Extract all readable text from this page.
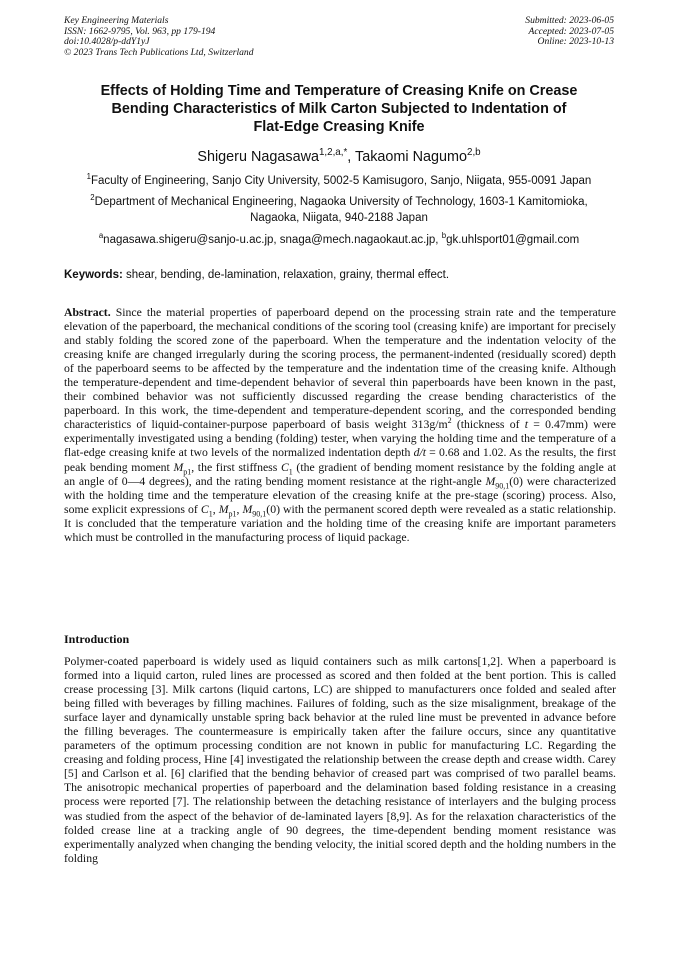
Key Engineering Materials
ISSN: 1662-9795, Vol. 963, pp 179-194
doi:10.4028/p-ddY1yJ
© 2023 Trans Tech Publications Ltd, Switzerland
Submitted: 2023-06-05
Accepted: 2023-07-05
Online: 2023-10-13
Effects of Holding Time and Temperature of Creasing Knife on Crease
Bending Characteristics of Milk Carton Subjected to Indentation of
Flat-Edge Creasing Knife
Shigeru Nagasawa$^{1,2,a,*}$, Takaomi Nagumo$^{2,b}$
$^1$Faculty of Engineering, Sanjo City University, 5002-5 Kamisugoro, Sanjo, Niigata, 955-0091 Japan
$^2$Department of Mechanical Engineering, Nagaoka University of Technology, 1603-1 Kamitomioka,
Nagaoka, Niigata, 940-2188 Japan
$^a$nagasawa.shigeru@sanjo-u.ac.jp, snaga@mech.nagaokaut.ac.jp, $^b$gk.uhlsport01@gmail.com
Keywords: shear, bending, de-lamination, relaxation, grainy, thermal effect.
Abstract. Since the material properties of paperboard depend on the processing strain rate and the temperature elevation of the paperboard, the mechanical conditions of the scoring tool (creasing knife) are important for precisely and stably folding the scored zone of the paperboard. When the temperature and the indentation velocity of the creasing knife are changed irregularly during the scoring process, the permanent-indented (residually scored) depth of the paperboard seems to be affected by the temperature and the indentation time of the creasing knife. Although the temperature-dependent and time-dependent behavior of several thin paperboards have been known in the past, their combined behavior was not sufficiently discussed regarding the crease bending characteristics of the paperboard. In this work, the time-dependent and temperature-dependent scoring, and the corresponded bending characteristics of liquid-container-purpose paperboard of basis weight $313g/m^2$ (thickness of t = 0.47mm) were experimentally investigated using a bending (folding) tester, when varying the holding time and the temperature of a flat-edge creasing knife at two levels of the normalized indentation depth d/t = 0.68 and 1.02. As the results, the first peak bending moment $M_{p1}$, the first stiffness $C_1$ (the gradient of bending moment resistance by the folding angle at an angle of 0—4 degrees), and the rating bending moment resistance at the right-angle $M_{90,1}(0)$ were characterized with the holding time and the temperature elevation of the creasing knife at the pre-stage (scoring) process. Also, some explicit expressions of $C_1$, $M_{p1}$, $M_{90,1}(0)$ with the permanent scored depth were revealed as a static relationship. It is concluded that the temperature variation and the holding time of the creasing knife are important parameters which must be controlled in the manufacturing process of liquid package.
Introduction
Polymer-coated paperboard is widely used as liquid containers such as milk cartons[1,2]. When a paperboard is formed into a liquid carton, ruled lines are processed as scored and then folded at the bent portion. This is called crease processing [3]. Milk cartons (liquid cartons, LC) are shipped to manufacturers once folded and sealed after being filled with beverages by filling machines. Failures of folding, such as the size misalignment, breakage of the surface layer and dynamically unstable spring back behavior at the ruled line must be prevented in advance before the filling beverages. The countermeasure is empirically taken after the failure occurs, since any quantitative parameters of the optimum processing condition are not known in public for manufacturing LC. Regarding the creasing and folding process, Hine [4] investigated the relationship between the crease depth and crease width. Carey [5] and Carlson et al. [6] clarified that the bending behavior of creased part was comprised of two parallel beams. The anisotropic mechanical properties of paperboard and the delamination based folding resistance in a creasing process were reported [7]. The relationship between the detaching resistance of interlayers and the bulging process was studied from the aspect of the behavior of de-laminated layers [8,9]. As for the relaxation characteristics of the folded crease line at a tracking angle of 90 degrees, the time-dependent bending moment resistance was experimentally analyzed when changing the bending velocity, the initial scored depth and the holding numbers in the folding
